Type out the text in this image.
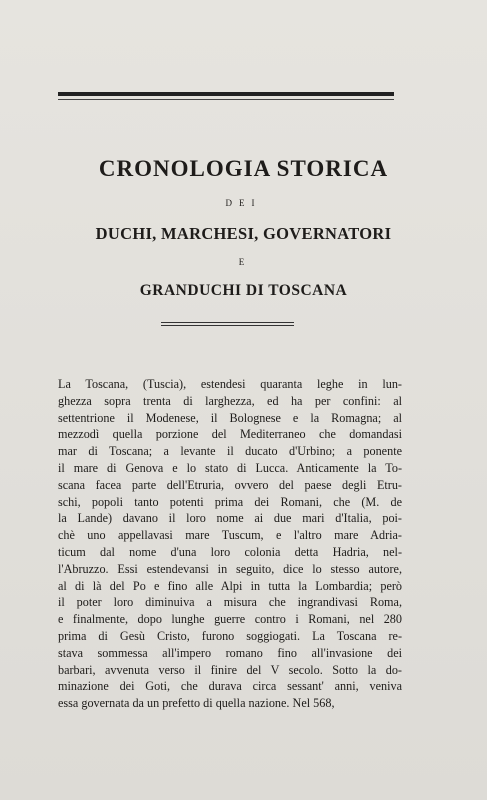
CRONOLOGIA STORICA
DEI
DUCHI, MARCHESI, GOVERNATORI
E
GRANDUCHI DI TOSCANA
La Toscana, (Tuscia), estendesi quaranta leghe in lun-
ghezza sopra trenta di larghezza, ed ha per confini: al
settentrione il Modenese, il Bolognese e la Romagna; al
mezzodì quella porzione del Mediterraneo che domandasi
mar di Toscana; a levante il ducato d'Urbino; a ponente
il mare di Genova e lo stato di Lucca. Anticamente la To-
scana facea parte dell'Etruria, ovvero del paese degli Etru-
schi, popoli tanto potenti prima dei Romani, che (M. de
la Lande) davano il loro nome ai due mari d'Italia, poi-
chè uno appellavasi mare Tuscum, e l'altro mare Adria-
ticum dal nome d'una loro colonia detta Hadria, nel-
l'Abruzzo. Essi estendevansi in seguito, dice lo stesso autore,
al di là del Po e fino alle Alpi in tutta la Lombardia; però
il poter loro diminuiva a misura che ingrandivasi Roma,
e finalmente, dopo lunghe guerre contro i Romani, nel 280
prima di Gesù Cristo, furono soggiogati. La Toscana re-
stava sommessa all'impero romano fino all'invasione dei
barbari, avvenuta verso il finire del V secolo. Sotto la do-
minazione dei Goti, che durava circa sessant' anni, veniva
essa governata da un prefetto di quella nazione. Nel 568,
